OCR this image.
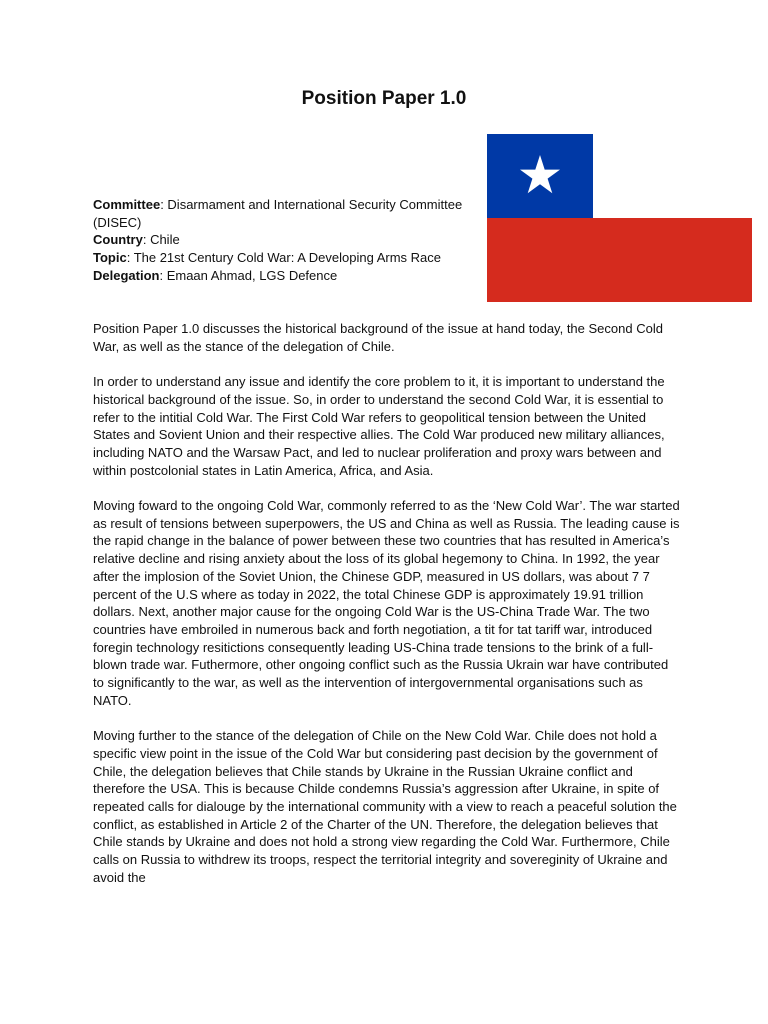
Position Paper 1.0

Committee: Disarmament and International Security Committee (DISEC)

Country: Chile

Topic: The 21st Century Cold War: A Developing Arms Race

Delegation: Emaan Ahmad, LGS Defence

Position Paper 1.0 discusses the historical background of the issue at hand today, the Second Cold War, as well as the stance of the delegation of Chile.

In order to understand any issue and identify the core problem to it, it is important to understand the historical background of the issue. So, in order to understand the second Cold War, it is essential to refer to the intitial Cold War. The First Cold War refers to geopolitical tension between the United States and Sovient Union and their respective allies. The Cold War produced new military alliances, including NATO and the Warsaw Pact, and led to nuclear proliferation and proxy wars between and within postcolonial states in Latin America, Africa, and Asia.

Moving foward to the ongoing Cold War, commonly referred to as the ‘New Cold War’. The war started as result of tensions between superpowers, the US and China as well as Russia. The leading cause is the rapid change in the balance of power between these two countries that has resulted in America’s relative decline and rising anxiety about the loss of its global hegemony to China. In 1992, the year after the implosion of the Soviet Union, the Chinese GDP, measured in US dollars, was about 7 7 percent of the U.S where as today in 2022, the total Chinese GDP is approximately 19.91 trillion dollars. Next, another major cause for the ongoing Cold War is the US-China Trade War. The two countries have embroiled in numerous back and forth negotiation, a tit for tat tariff war, introduced foregin technology resitictions consequently leading US-China trade tensions to the brink of a full-blown trade war. Futhermore, other ongoing conflict such as the Russia Ukrain war have contributed to significantly to the war, as well as the intervention of intergovernmental organisations such as NATO.

Moving further to the stance of the delegation of Chile on the New Cold War. Chile does not hold a specific view point in the issue of the Cold War but considering past decision by the government of Chile, the delegation believes that Chile stands by Ukraine in the Russian Ukraine conflict and therefore the USA. This is because Childe condemns Russia’s aggression after Ukraine, in spite of repeated calls for dialouge by the international community with a view to reach a peaceful solution the conflict, as established in Article 2 of the Charter of the UN. Therefore, the delegation believes that Chile stands by Ukraine and does not hold a strong view regarding the Cold War. Furthermore, Chile calls on Russia to withdrew its troops, respect the territorial integrity and sovereginity of Ukraine and avoid the
